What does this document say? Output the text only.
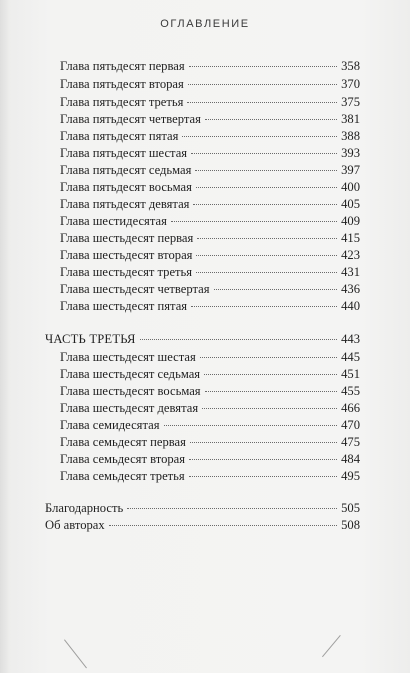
ОГЛАВЛЕНИЕ
Глава пятьдесят первая	358
Глава пятьдесят вторая	370
Глава пятьдесят третья	375
Глава пятьдесят четвертая	381
Глава пятьдесят пятая	388
Глава пятьдесят шестая	393
Глава пятьдесят седьмая	397
Глава пятьдесят восьмая	400
Глава пятьдесят девятая	405
Глава шестидесятая	409
Глава шестьдесят первая	415
Глава шестьдесят вторая	423
Глава шестьдесят третья	431
Глава шестьдесят четвертая	436
Глава шестьдесят пятая	440
ЧАСТЬ ТРЕТЬЯ	443
Глава шестьдесят шестая	445
Глава шестьдесят седьмая	451
Глава шестьдесят восьмая	455
Глава шестьдесят девятая	466
Глава семидесятая	470
Глава семьдесят первая	475
Глава семьдесят вторая	484
Глава семьдесят третья	495
Благодарность	505
Об авторах	508
